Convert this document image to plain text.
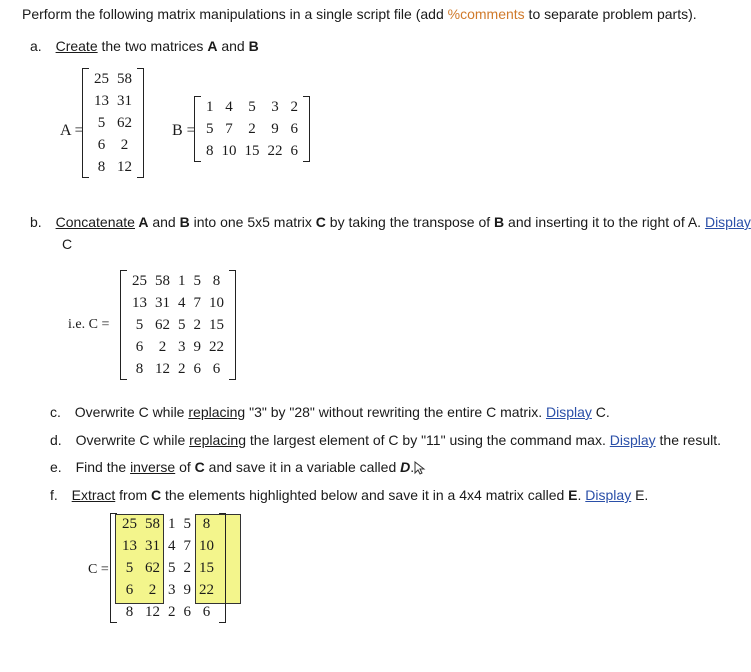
Perform the following matrix manipulations in a single script file (add %comments to separate problem parts).
a. Create the two matrices A and B
A =
25	58
13	31
5	62
6	2
8	12
B =
1	4	5	3	2
5	7	2	9	6
8	10	15	22	6
b. Concatenate A and B into one 5x5 matrix C by taking the transpose of B and inserting it to the right of A. Display
C
i.e. C =
25	58	1	5	8
13	31	4	7	10
5	62	5	2	15
6	2	3	9	22
8	12	2	6	6
c. Overwrite C while replacing "3" by "28" without rewriting the entire C matrix. Display C.
d. Overwrite C while replacing the largest element of C by "11" using the command max. Display the result.
e. Find the inverse of C and save it in a variable called D.
f. Extract from C the elements highlighted below and save it in a 4x4 matrix called E. Display E.
C =
25	58	1	5	8
13	31	4	7	10
5	62	5	2	15
6	2	3	9	22
8	12	2	6	6
